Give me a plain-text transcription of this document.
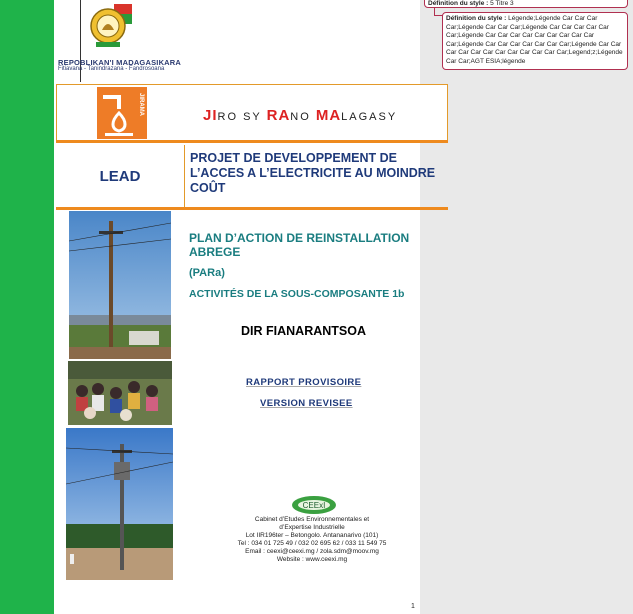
REPOBLIKAN'I MADAGASIKARA
Fitiavana - Tanindrazana - Fandrosoana
JIRAMA	JIRO SY RANO MALAGASY
LEAD
PROJET DE DEVELOPPEMENT DE L’ACCES A L’ELECTRICITE AU MOINDRE COÛT
PLAN D’ACTION DE REINSTALLATION ABREGE
(PARa)
ACTIVITÉS DE LA SOUS-COMPOSANTE 1b
DIR FIANARANTSOA
RAPPORT PROVISOIRE
VERSION REVISEE
CEExI
Cabinet d’Etudes Environnementales et
d’Expertise Industrielle
Lot IIR196ter – Betongolo. Antananarivo (101)
Tel : 034 01 725 49 / 032 02 695 62 / 033 11 549 75
Email : ceexi@ceexi.mg / zola.sdm@moov.mg
Website : www.ceexi.mg
1
Définition du style : 5 Titre 3
Définition du style : Légende;Légende Car Car Car Car;Légende Car Car Car;Légende Car Car Car Car Car Car;Légende Car Car Car Car Car Car Car Car Car Car;Légende Car Car Car Car Car Car Car;Légende Car Car Car Car Car Car Car Car Car Car Car Car;Legend;z;Légende Car Car;AGT ESIA;légende
